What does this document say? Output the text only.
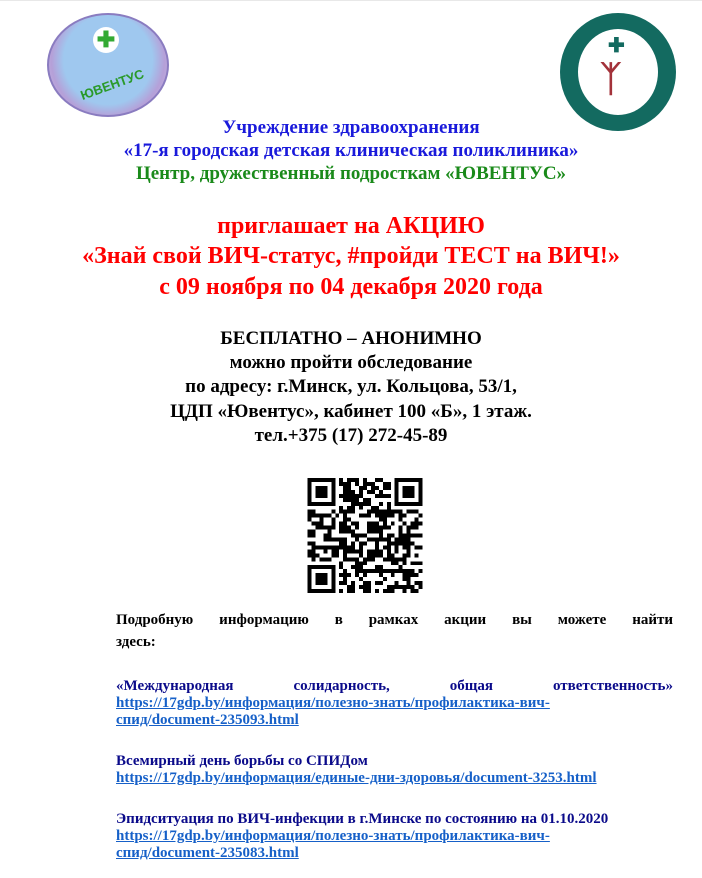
✚
ЮВЕНТУС
✚
ᛉ
Учреждение здравоохранения
«17-я городская детская клиническая поликлиника»
Центр, дружественный подросткам «ЮВЕНТУС»
приглашает на АКЦИЮ
«Знай свой ВИЧ-статус, #пройди ТЕСТ на ВИЧ!»
с 09 ноября по 04 декабря 2020 года
БЕСПЛАТНО – АНОНИМНО
можно пройти обследование
по адресу: г.Минск, ул. Кольцова, 53/1,
ЦДП «Ювентус», кабинет 100 «Б», 1 этаж.
тел.+375 (17) 272-45-89
Подробную информацию в рамках акции вы можете найти
здесь:
«Международная солидарность, общая ответственность»
https://17gdp.by/информация/полезно-знать/профилактика-вич-
спид/document-235093.html
Всемирный день борьбы со СПИДом
https://17gdp.by/информация/единые-дни-здоровья/document-3253.html
Эпидситуация по ВИЧ-инфекции в г.Минске по состоянию на 01.10.2020
https://17gdp.by/информация/полезно-знать/профилактика-вич-
спид/document-235083.html
